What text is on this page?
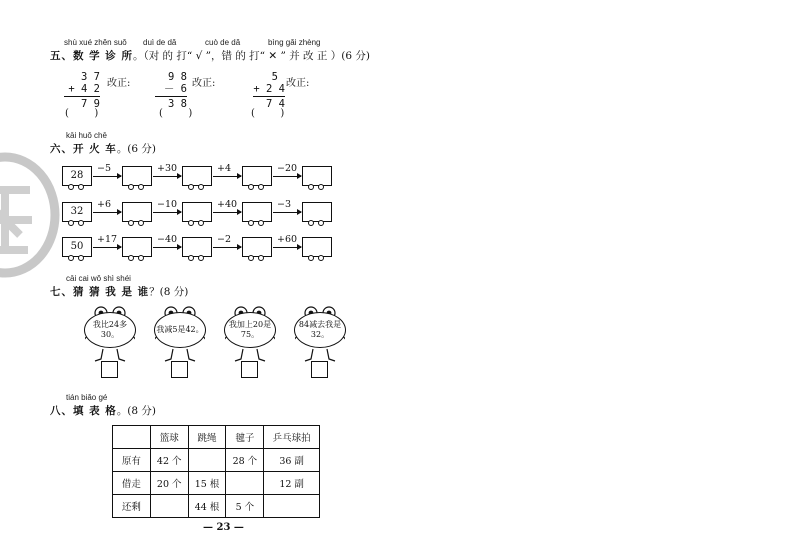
shù xué zhěn suǒ duì de dǎ	cuò de dǎ	bìng gǎi zhèng
五、数 学 诊 所。（对 的 打“ √ ”，错 的 打“ ✕ ” 并 改 正 ）(6 分)
3 7
+ 4 2
7 9
改正:
(        )
9 8
－ 6
3 8
改正:
(        )
5
+ 2 4
7 4
改正:
(        )
kāi huǒ chē
六、开 火 车。(6 分)
28
−5	+30	+4	−20
32
+6	−10	+40	−3
50
+17	−40	−2	+60
cāi cai wǒ shì shéi
七、猜 猜 我 是 谁？(8 分)
我比24多30。
我减5是42。
我加上20是75。
84减去我是32。
tián biǎo gé
八、填 表 格。(8 分)
	篮球	跳绳	毽子	乒乓球拍
原有	42 个		28 个	36 副
借走	20 个	15 根		12 副
还剩		44 根	5 个	
— 23 —
